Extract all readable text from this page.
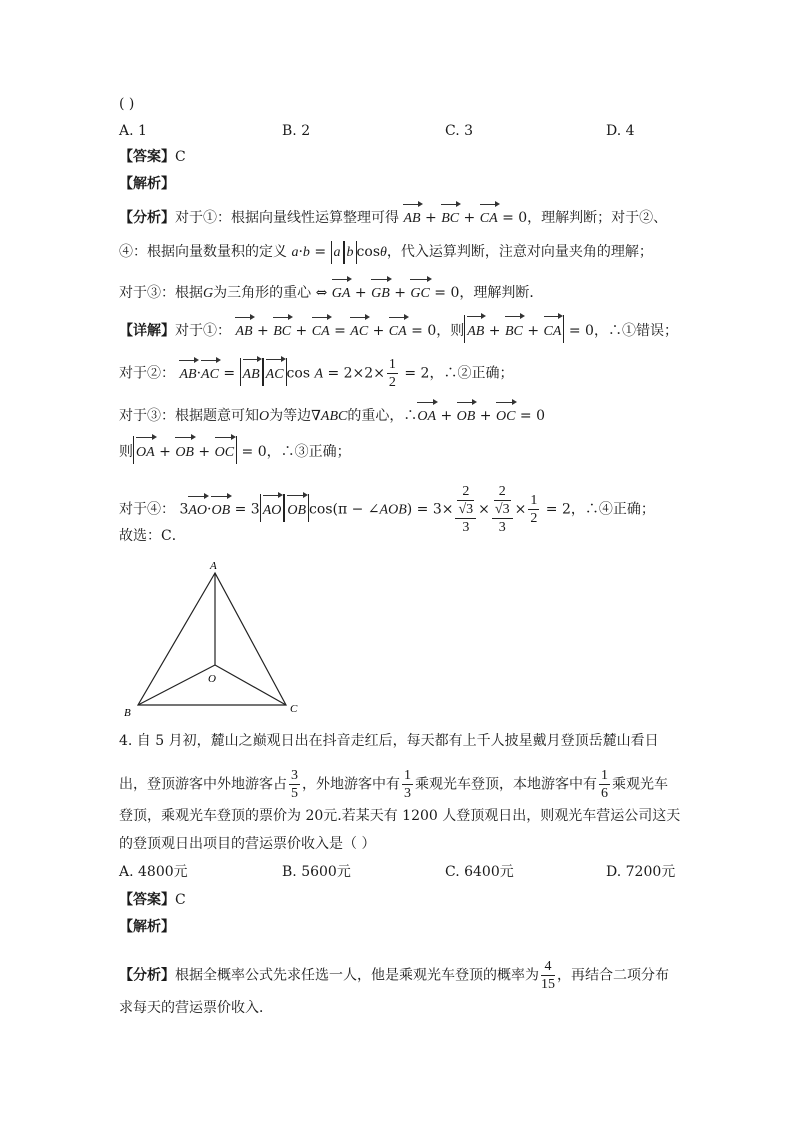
( )
A. 1	B. 2	C. 3	D. 4
【答案】C
【解析】
【分析】对于①：根据向量线性运算整理可得 AB + BC + CA = 0，理解判断；对于②、
④：根据向量数量积的定义 a·b = a b cosθ，代入运算判断，注意对向量夹角的理解；
对于③：根据G为三角形的重心 ⇔ GA + GB + GC = 0，理解判断．
【详解】对于①： AB + BC + CA = AC + CA = 0，则 AB + BC + CA = 0，∴①错误；
对于②： AB·AC = AB AC $\cos A = 2\times 2\times \frac{1}{2} = 2$，∴②正确；
对于③：根据题意可知O为等边∇ABC的重心，∴OA + OB + OC = 0
则 OA + OB + OC = 0，∴③正确；
对于④： 3AO·OB = 3 AO OB cos(π − ∠AOB) = 3× 2
√3
3 × 2
√3
$3 \times \frac{1}{2} = 2$，∴④正确；
故选：C．
A
B	C
O
4. 自 5 月初，麓山之巅观日出在抖音走红后，每天都有上千人披星戴月登顶岳麓山看日
出，登顶游客中外地游客占 $\frac{3}{5}$ ，外地游客中有 $\frac{1}{3}$ 乘观光车登顶，本地游客中有 $\frac{1}{6}$ 乘观光车
登顶，乘观光车登顶的票价为 20元.若某天有 1200 人登顶观日出，则观光车营运公司这天
的登顶观日出项目的营运票价收入是（ ）
A. 4800元	B. 5600元	C. 6400元	D. 7200元
【答案】C
【解析】
【分析】根据全概率公式先求任选一人，他是乘观光车登顶的概率为 $\frac{4}{15}$ ，再结合二项分布
求每天的营运票价收入．
